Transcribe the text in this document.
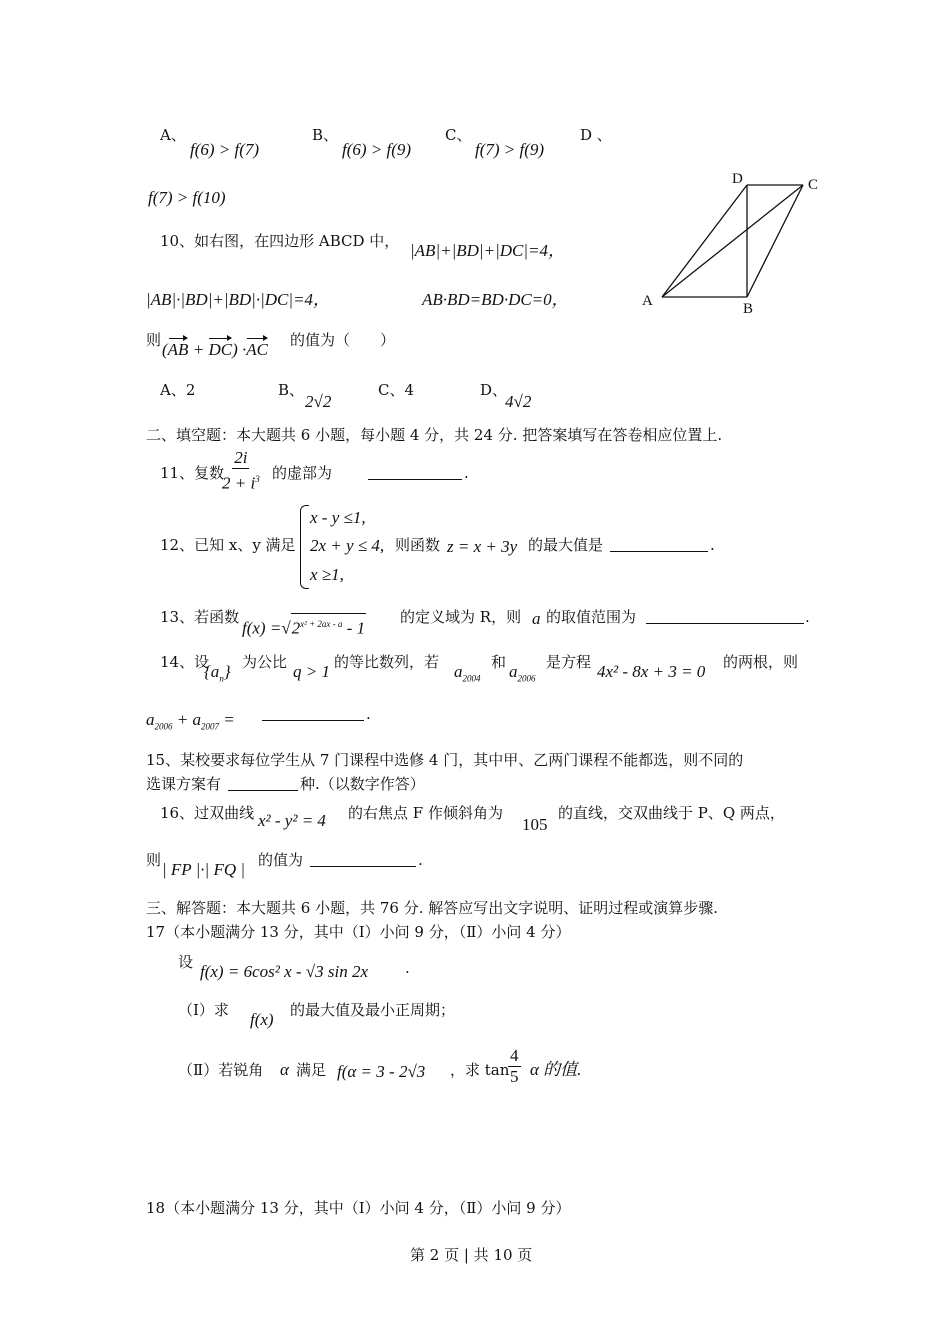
A、
f(6) > f(7)
B、
f(6) > f(9)
C、
f(7) > f(9)
D 、
f(7) > f(10)
10、如右图，在四边形 ABCD 中， |AB|+|BD|+|DC|=4，
|AB|·|BD|+|BD|·|DC|=4，	AB·BD=BD·DC=0，
则 (AB + DC) ·AC 的值为（　　）
A、2	B、
2√2
C、4	D、
4√2
D	C
A	B
二、填空题：本大题共 6 小题，每小题 4 分，共 24 分. 把答案填写在答卷相应位置上.
11、复数
$\frac{2i}{2 + i^3}$ 的虚部为	.
12、已知 x、y 满足
x - y ≤1,
2x + y ≤ 4,
x ≥1,
则函数 z = x + 3y 的最大值是	.
13、若函数
$f(x) =√2^{x^2 + 2ax - a} - 1$
的定义域为 R，则 a 的取值范围为	.
14、设
$\{a_n\}$ 为公比 q > 1 的等比数列，若 $a_{2004}$
和 $a_{2006}$
是方程 4x² - 8x + 3 = 0 的两根，则
$a_{2006} + a_{2007}$ =	.
15、某校要求每位学生从 7 门课程中选修 4 门，其中甲、乙两门课程不能都选，则不同的
选课方案有	种.（以数字作答）
16、过双曲线 x² - y² = 4 的右焦点 F 作倾斜角为
105
的直线，交双曲线于 P、Q 两点，
则 | FP |·| FQ | 的值为	.
三、解答题：本大题共 6 小题，共 76 分. 解答应写出文字说明、证明过程或演算步骤.
17（本小题满分 13 分，其中（Ⅰ）小问 9 分，（Ⅱ）小问 4 分）
设 f(x) = 6cos² x - √3 sin 2x .
（Ⅰ）求 f(x) 的最大值及最小正周期；
（Ⅱ）若锐角 α 满足 f(α = 3 - 2√3 ，求 tan
$\frac{4}{5}$ α 的值.
18（本小题满分 13 分，其中（Ⅰ）小问 4 分，（Ⅱ）小问 9 分）
第 2 页 | 共 10 页
